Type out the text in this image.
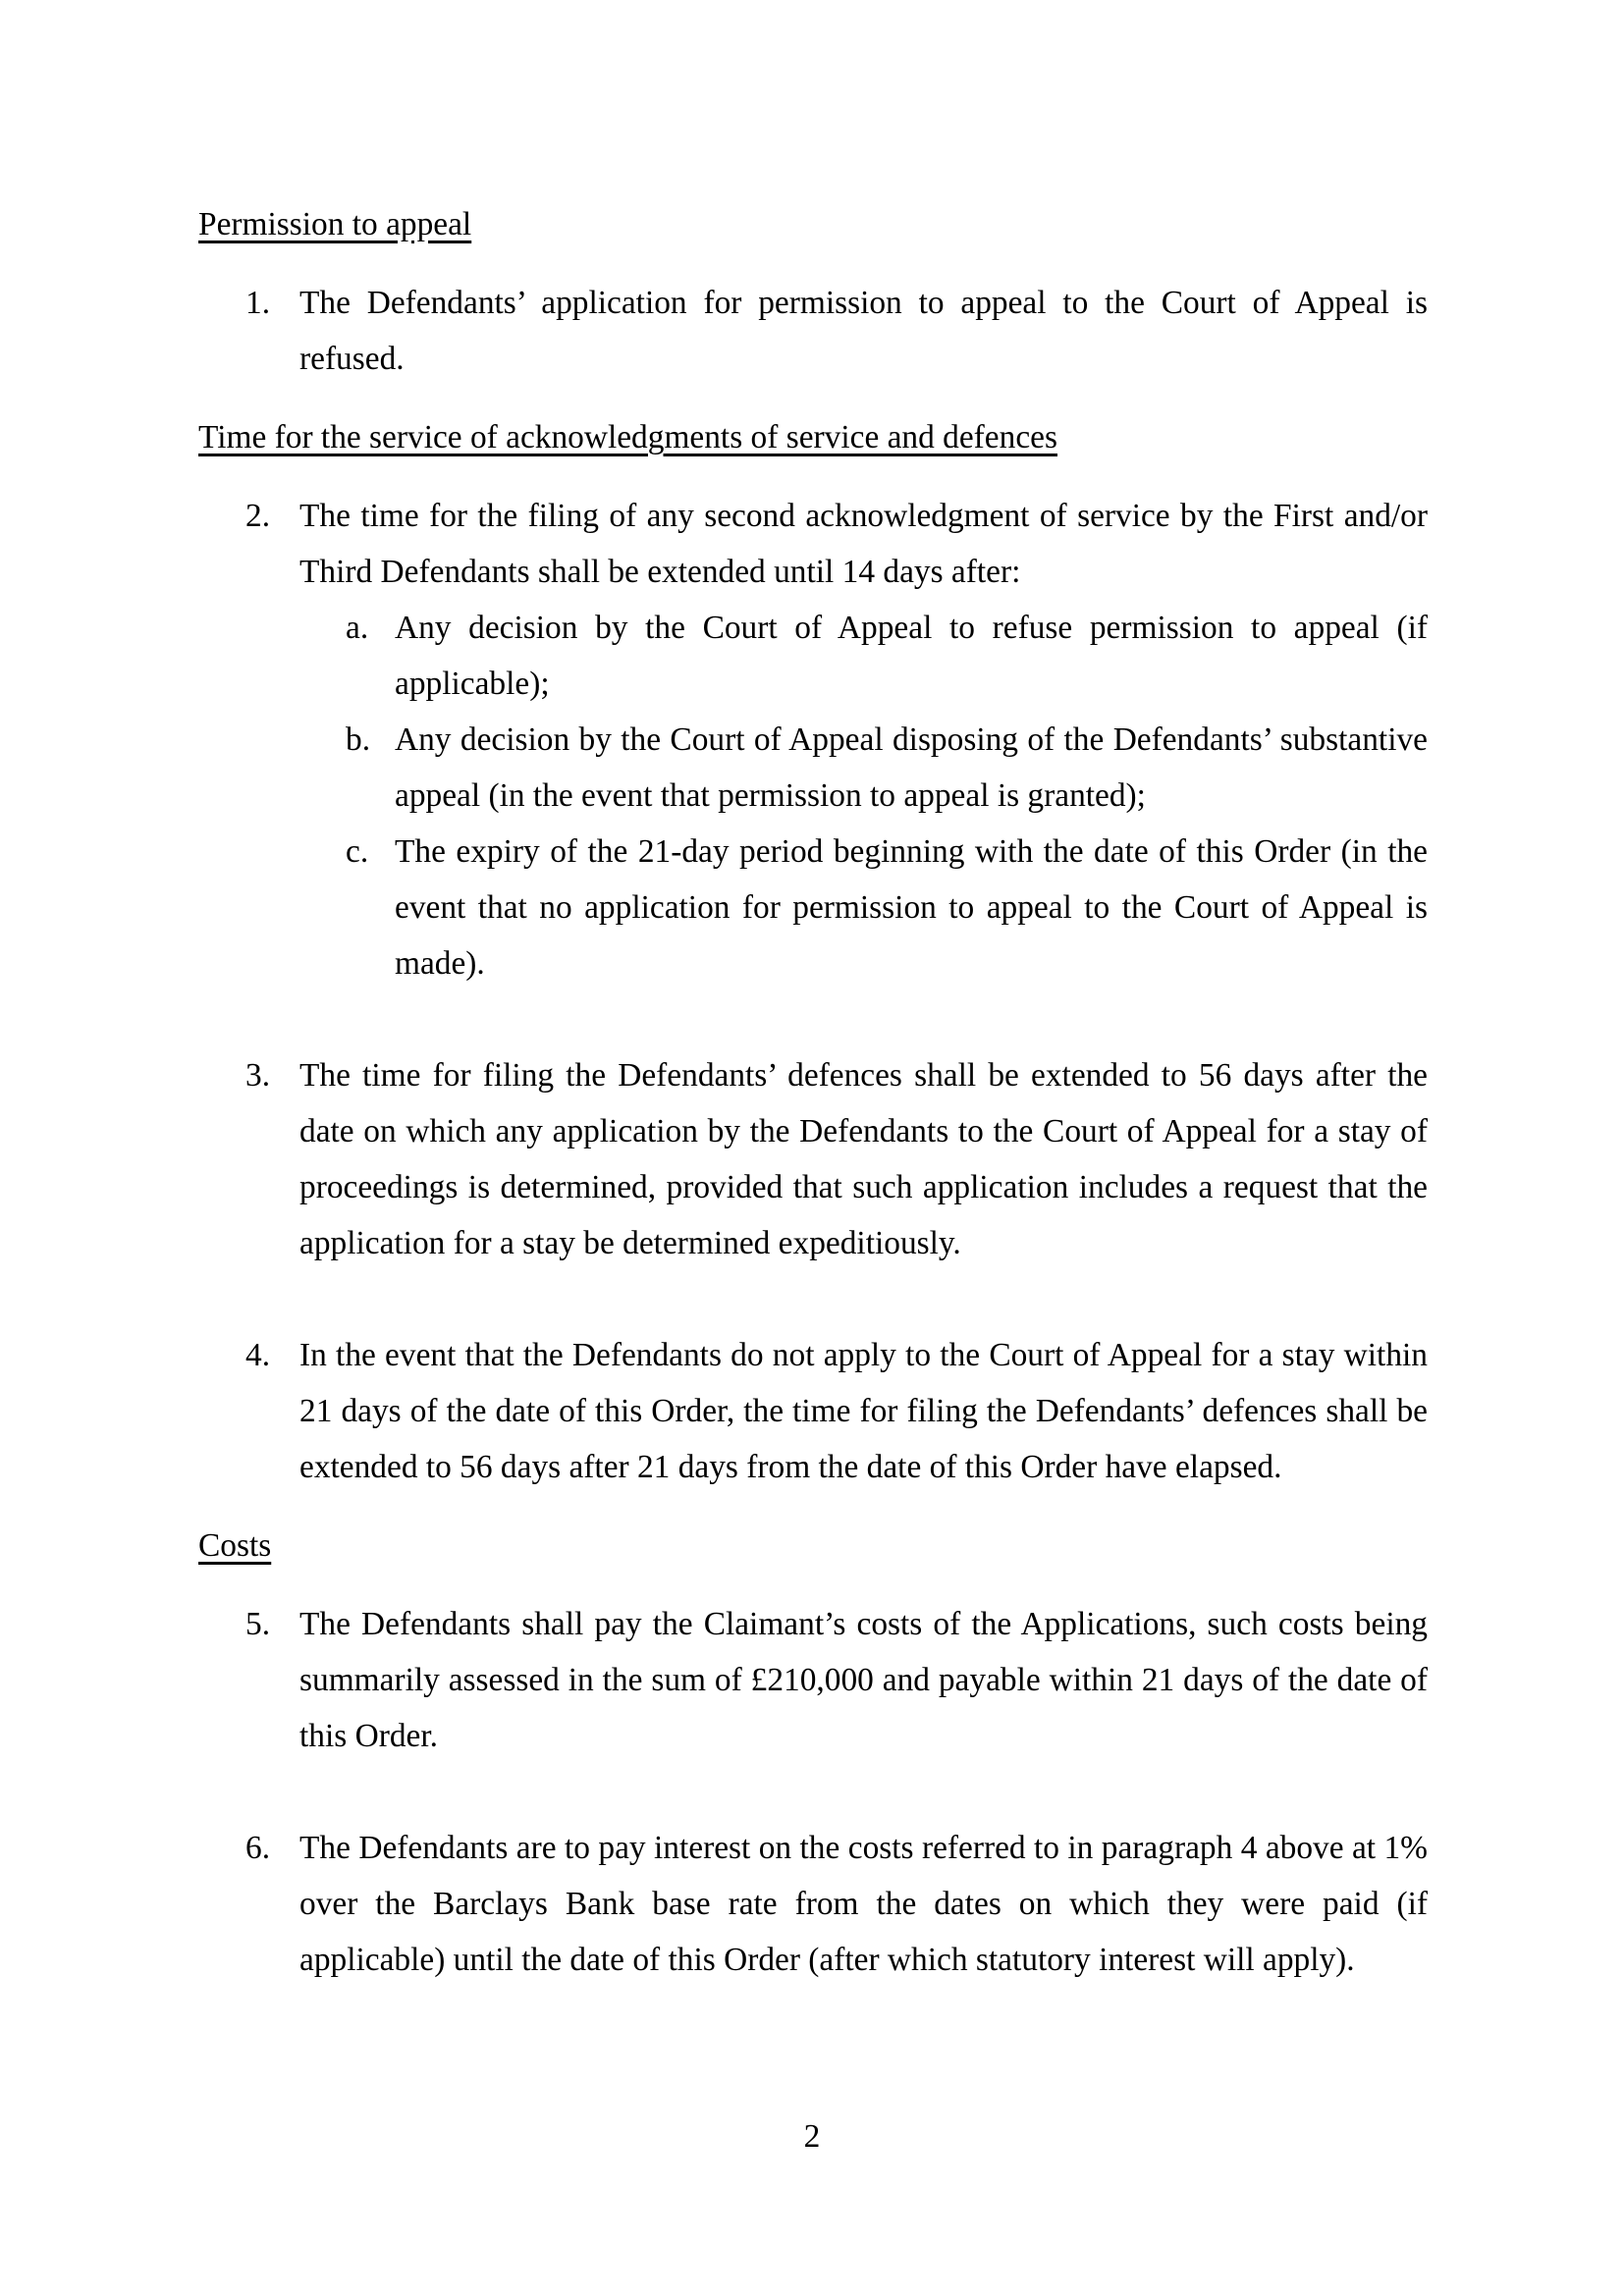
Permission to appeal

1. The Defendants’ application for permission to appeal to the Court of Appeal is refused.

Time for the service of acknowledgments of service and defences

2. The time for the filing of any second acknowledgment of service by the First and/or Third Defendants shall be extended until 14 days after:

a. Any decision by the Court of Appeal to refuse permission to appeal (if applicable);

b. Any decision by the Court of Appeal disposing of the Defendants’ substantive appeal (in the event that permission to appeal is granted);

c. The expiry of the 21-day period beginning with the date of this Order (in the event that no application for permission to appeal to the Court of Appeal is made).

3. The time for filing the Defendants’ defences shall be extended to 56 days after the date on which any application by the Defendants to the Court of Appeal for a stay of proceedings is determined, provided that such application includes a request that the application for a stay be determined expeditiously.

4. In the event that the Defendants do not apply to the Court of Appeal for a stay within 21 days of the date of this Order, the time for filing the Defendants’ defences shall be extended to 56 days after 21 days from the date of this Order have elapsed.

Costs

5. The Defendants shall pay the Claimant’s costs of the Applications, such costs being summarily assessed in the sum of £210,000 and payable within 21 days of the date of this Order.

6. The Defendants are to pay interest on the costs referred to in paragraph 4 above at 1% over the Barclays Bank base rate from the dates on which they were paid (if applicable) until the date of this Order (after which statutory interest will apply).

2
